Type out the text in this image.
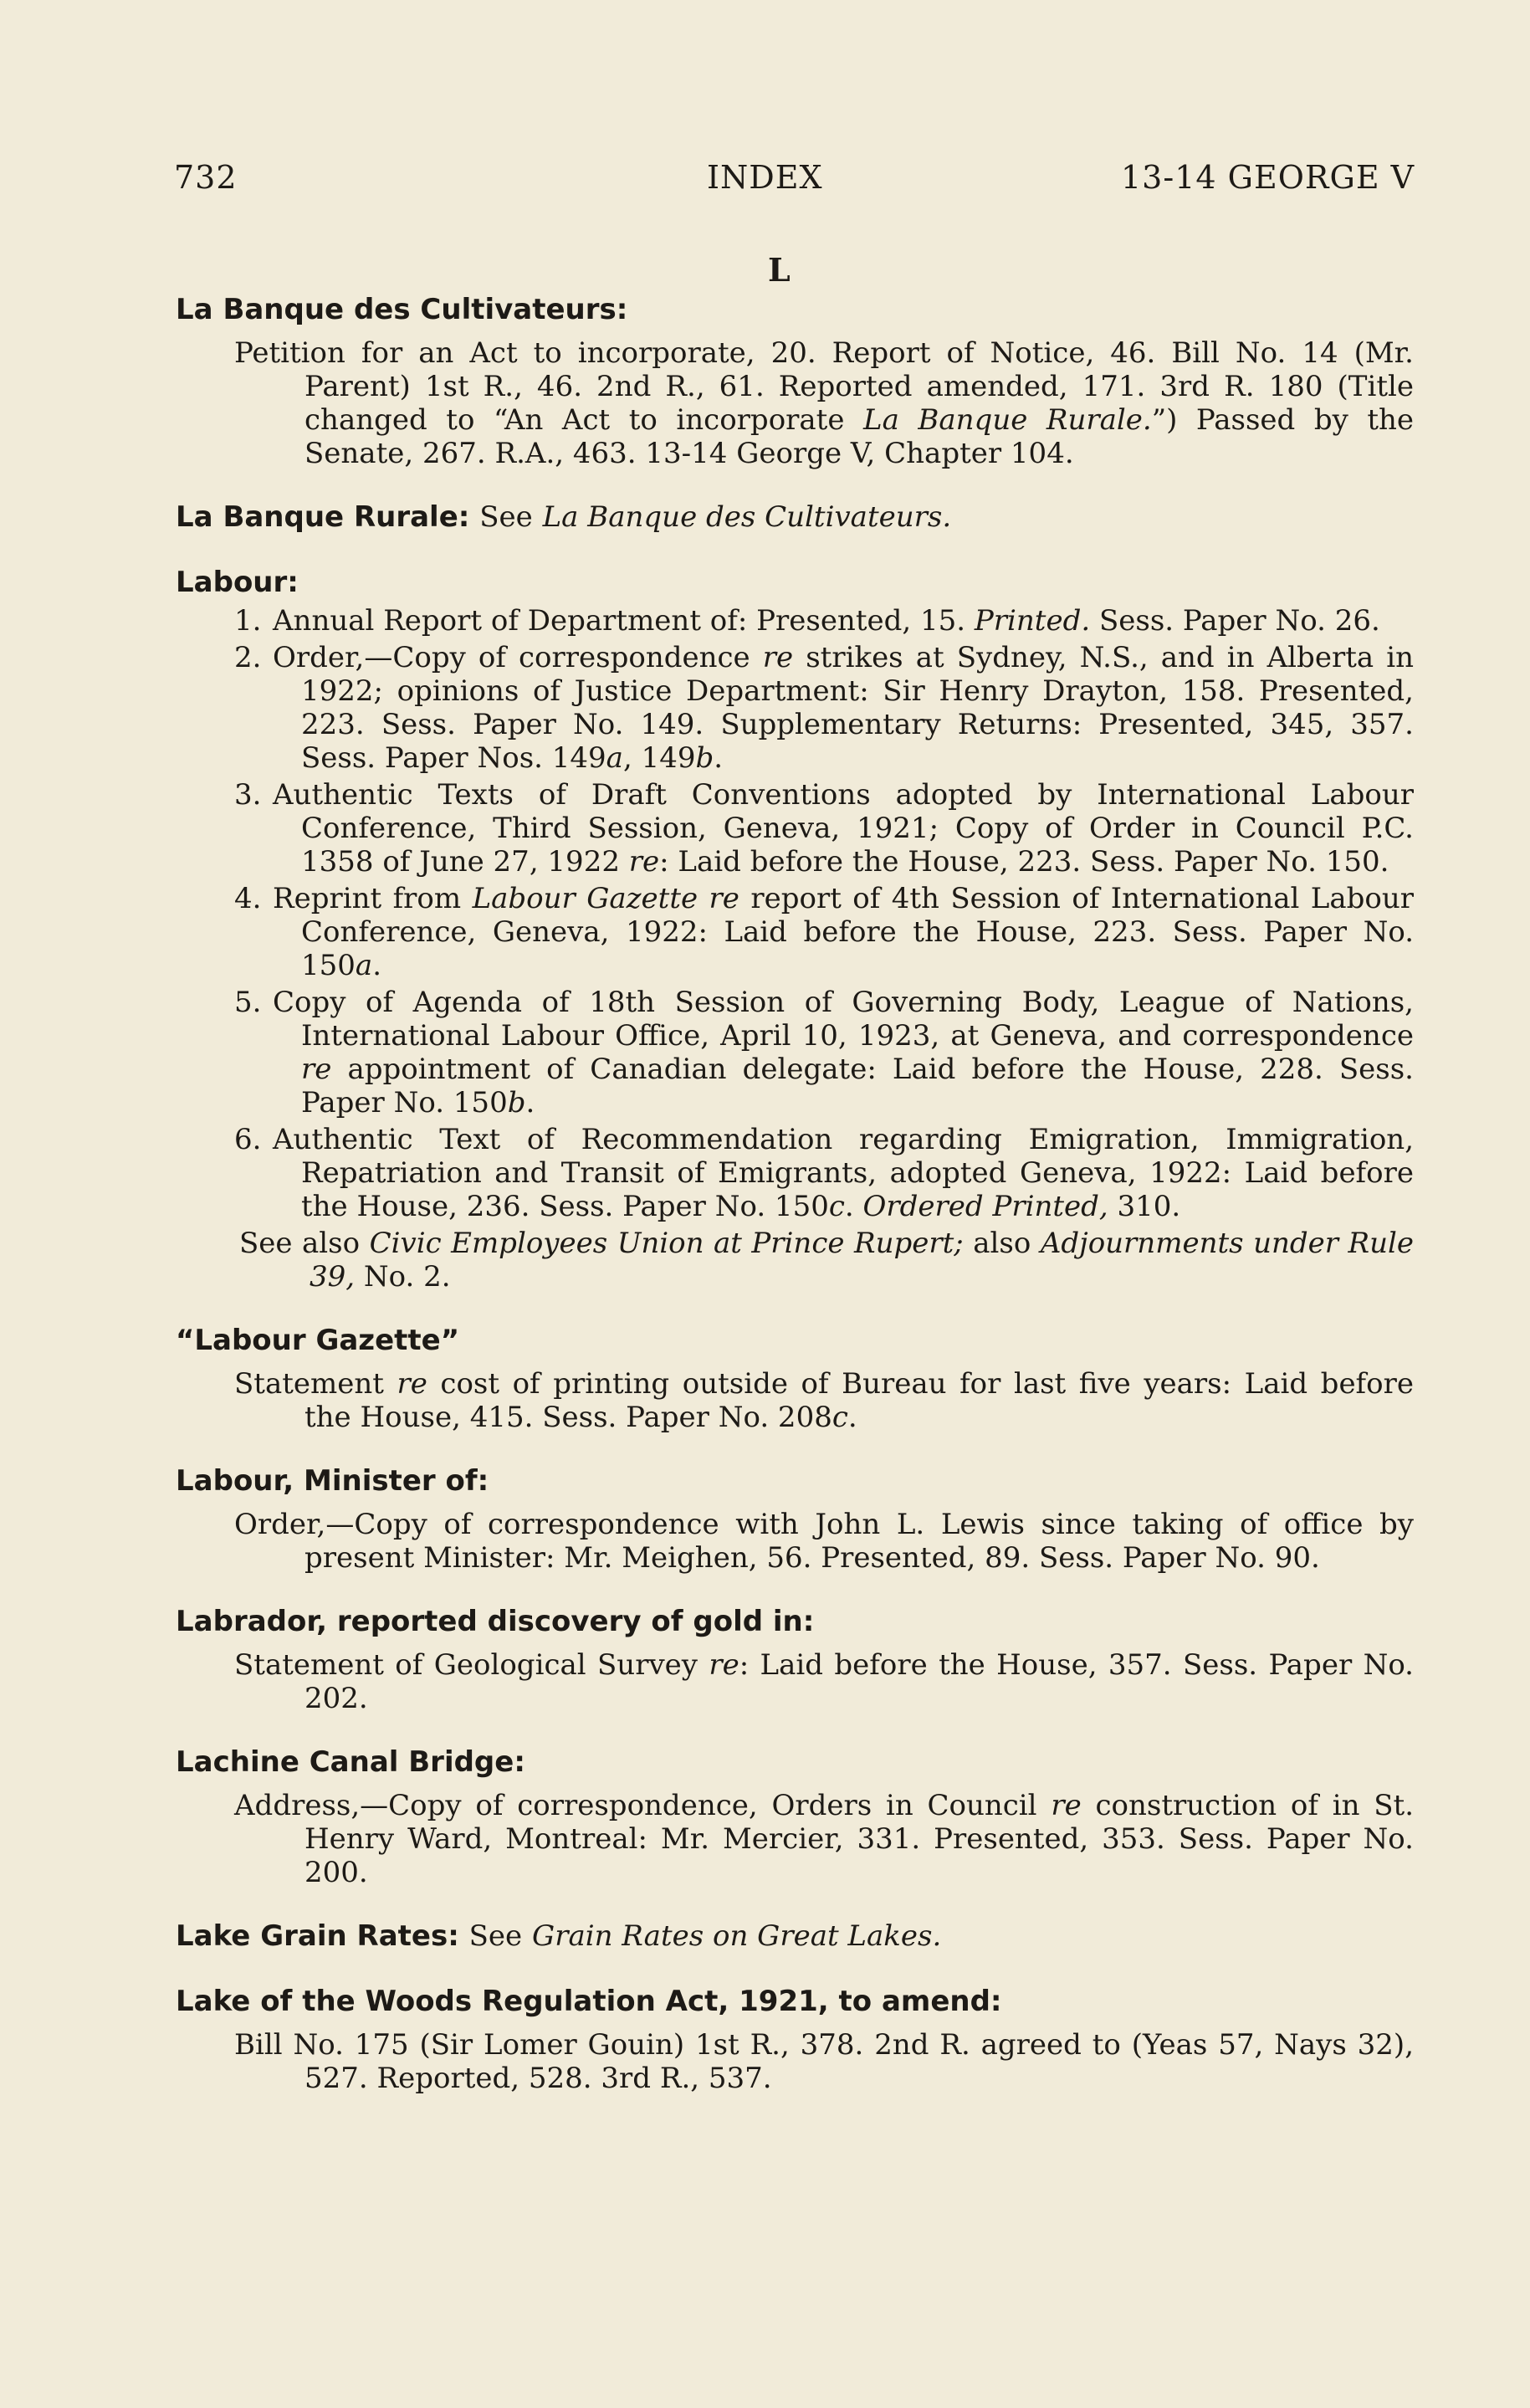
732	INDEX	13-14 GEORGE V
L
La Banque des Cultivateurs:
Petition for an Act to incorporate, 20. Report of Notice, 46. Bill No. 14 (Mr. Parent) 1st R., 46. 2nd R., 61. Reported amended, 171. 3rd R. 180 (Title changed to “An Act to incorporate La Banque Rurale.”) Passed by the Senate, 267. R.A., 463. 13-14 George V, Chapter 104.
La Banque Rurale: See La Banque des Cultivateurs.
Labour:
1. Annual Report of Department of: Presented, 15. Printed. Sess. Paper No. 26.
2. Order,—Copy of correspondence re strikes at Sydney, N.S., and in Alberta in 1922; opinions of Justice Department: Sir Henry Drayton, 158. Presented, 223. Sess. Paper No. 149. Supplementary Returns: Presented, 345, 357. Sess. Paper Nos. 149a, 149b.
3. Authentic Texts of Draft Conventions adopted by International Labour Conference, Third Session, Geneva, 1921; Copy of Order in Council P.C. 1358 of June 27, 1922 re: Laid before the House, 223. Sess. Paper No. 150.
4. Reprint from Labour Gazette re report of 4th Session of International Labour Conference, Geneva, 1922: Laid before the House, 223. Sess. Paper No. 150a.
5. Copy of Agenda of 18th Session of Governing Body, League of Nations, International Labour Office, April 10, 1923, at Geneva, and correspondence re appointment of Canadian delegate: Laid before the House, 228. Sess. Paper No. 150b.
6. Authentic Text of Recommendation regarding Emigration, Immigration, Repatriation and Transit of Emigrants, adopted Geneva, 1922: Laid before the House, 236. Sess. Paper No. 150c. Ordered Printed, 310.
See also Civic Employees Union at Prince Rupert; also Adjournments under Rule 39, No. 2.
“Labour Gazette”
Statement re cost of printing outside of Bureau for last five years: Laid before the House, 415. Sess. Paper No. 208c.
Labour, Minister of:
Order,—Copy of correspondence with John L. Lewis since taking of office by present Minister: Mr. Meighen, 56. Presented, 89. Sess. Paper No. 90.
Labrador, reported discovery of gold in:
Statement of Geological Survey re: Laid before the House, 357. Sess. Paper No. 202.
Lachine Canal Bridge:
Address,—Copy of correspondence, Orders in Council re construction of in St. Henry Ward, Montreal: Mr. Mercier, 331. Presented, 353. Sess. Paper No. 200.
Lake Grain Rates: See Grain Rates on Great Lakes.
Lake of the Woods Regulation Act, 1921, to amend:
Bill No. 175 (Sir Lomer Gouin) 1st R., 378. 2nd R. agreed to (Yeas 57, Nays 32), 527. Reported, 528. 3rd R., 537.
